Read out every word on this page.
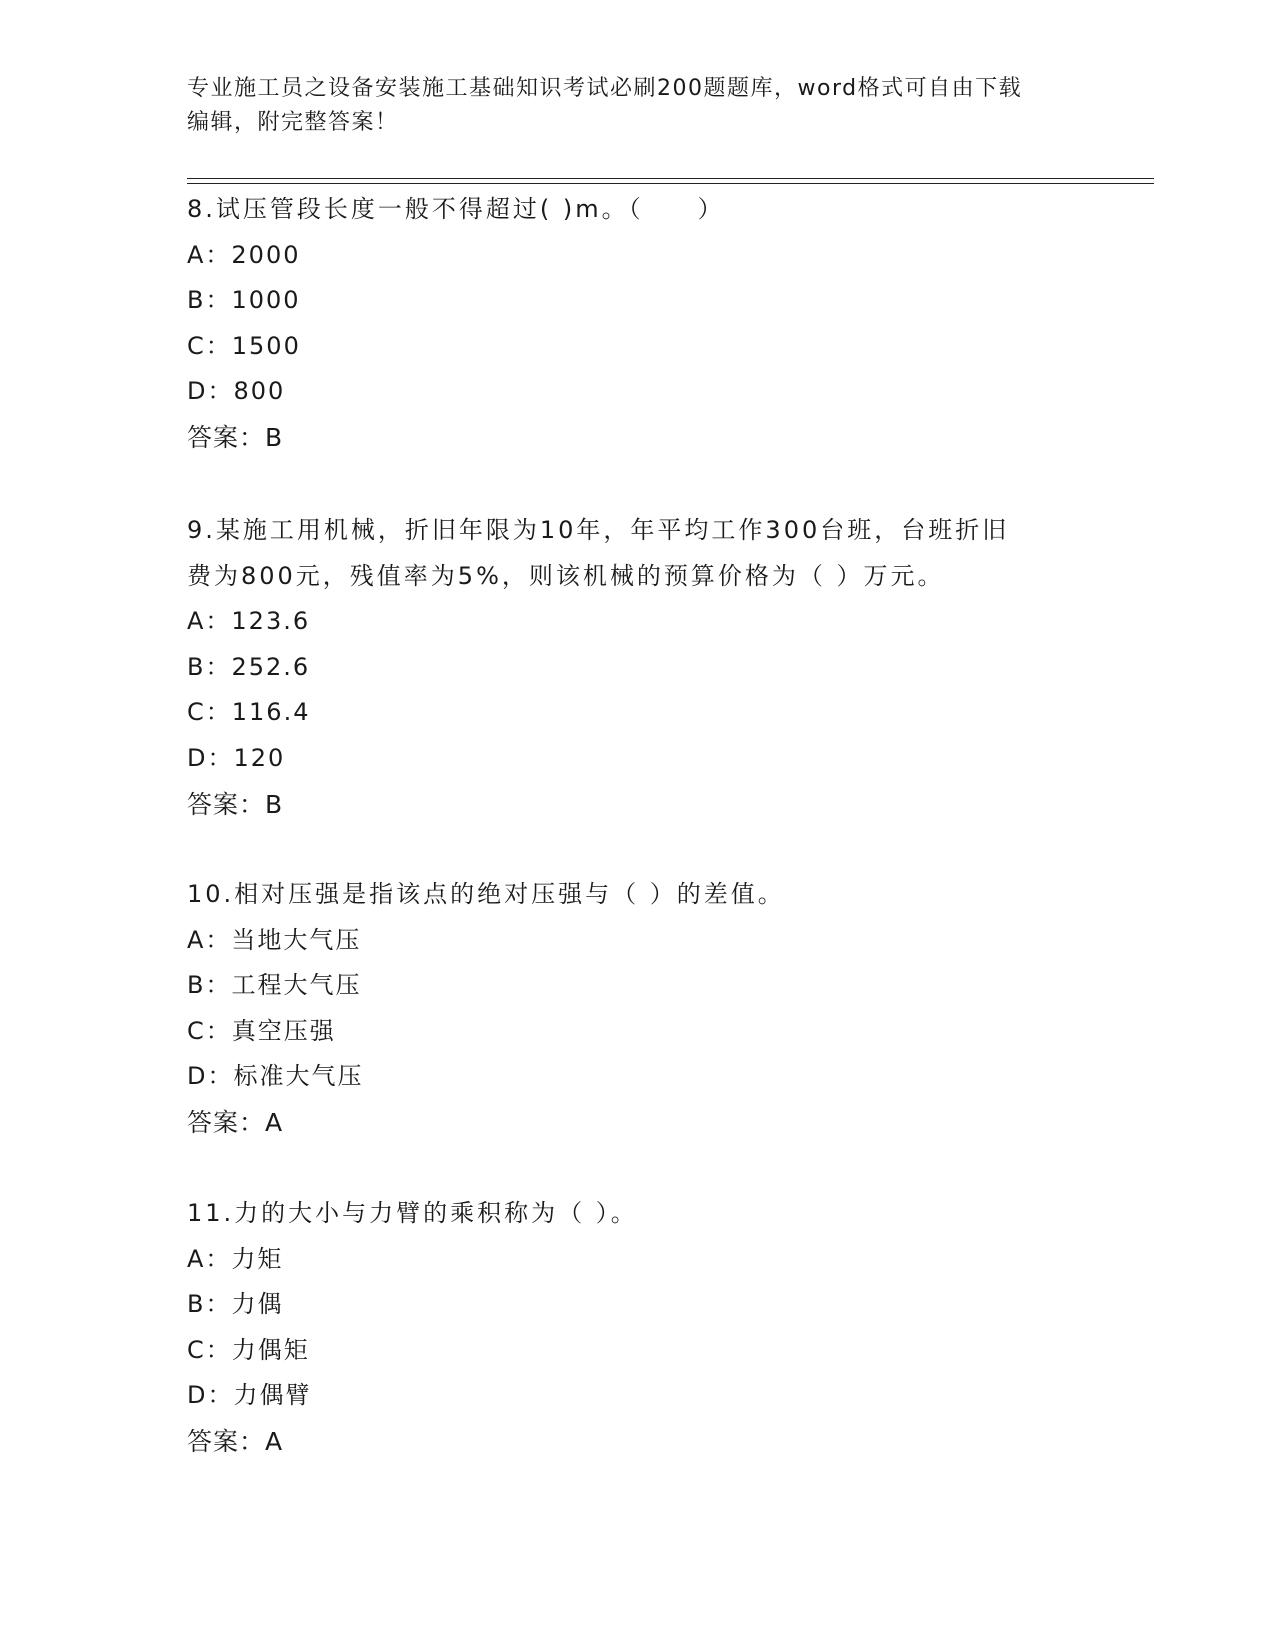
专业施工员之设备安装施工基础知识考试必刷200题题库，word格式可自由下载
编辑，附完整答案！
8.试压管段长度一般不得超过( )m。（　　）
A：2000
B：1000
C：1500
D：800
答案：B
9.某施工用机械，折旧年限为10年，年平均工作300台班，台班折旧
费为800元，残值率为5%，则该机械的预算价格为（ ）万元。
A：123.6
B：252.6
C：116.4
D：120
答案：B
10.相对压强是指该点的绝对压强与（ ）的差值。
A：当地大气压
B：工程大气压
C：真空压强
D：标准大气压
答案：A
11.力的大小与力臂的乘积称为（ ）。
A：力矩
B：力偶
C：力偶矩
D：力偶臂
答案：A
